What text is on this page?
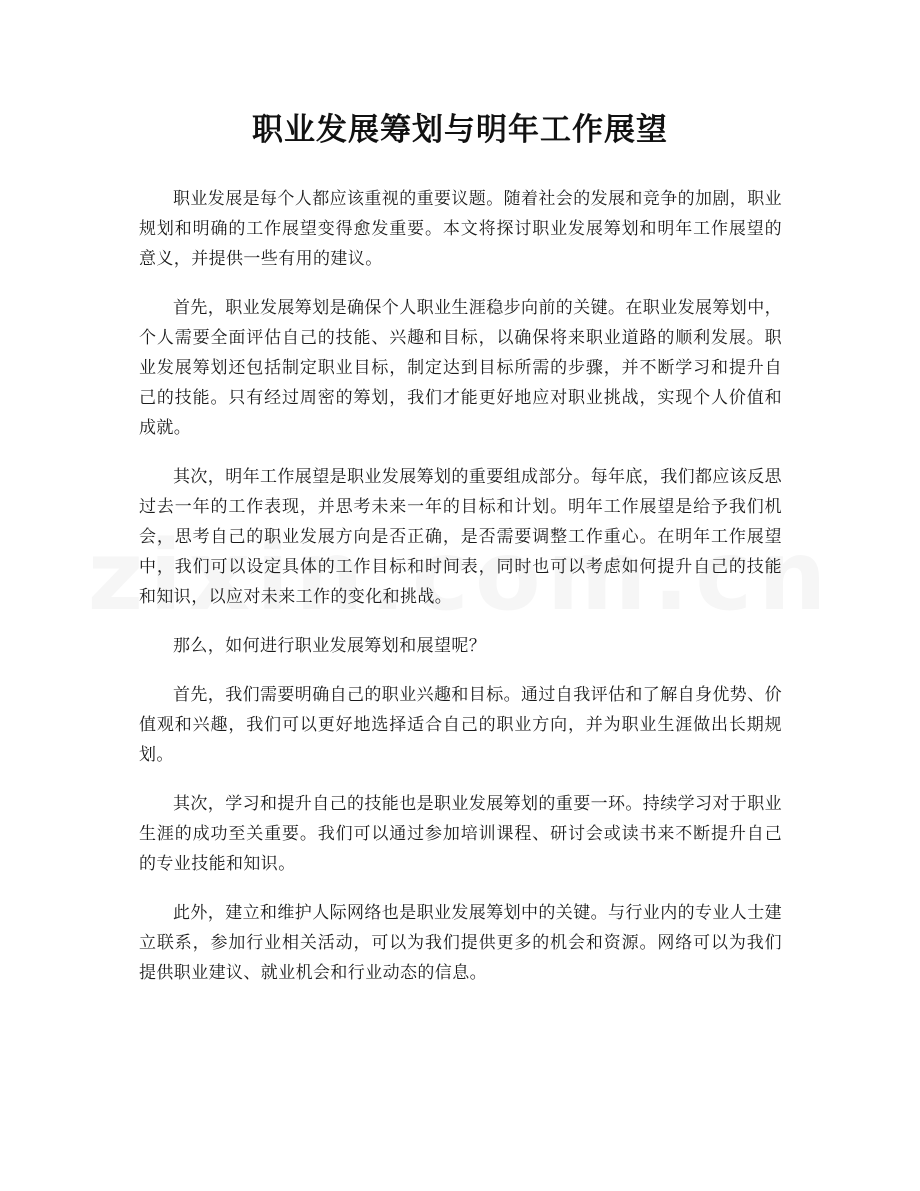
职业发展筹划与明年工作展望

职业发展是每个人都应该重视的重要议题。随着社会的发展和竞争的加剧，职业规划和明确的工作展望变得愈发重要。本文将探讨职业发展筹划和明年工作展望的意义，并提供一些有用的建议。

首先，职业发展筹划是确保个人职业生涯稳步向前的关键。在职业发展筹划中，个人需要全面评估自己的技能、兴趣和目标，以确保将来职业道路的顺利发展。职业发展筹划还包括制定职业目标，制定达到目标所需的步骤，并不断学习和提升自己的技能。只有经过周密的筹划，我们才能更好地应对职业挑战，实现个人价值和成就。

其次，明年工作展望是职业发展筹划的重要组成部分。每年底，我们都应该反思过去一年的工作表现，并思考未来一年的目标和计划。明年工作展望是给予我们机会，思考自己的职业发展方向是否正确，是否需要调整工作重心。在明年工作展望中，我们可以设定具体的工作目标和时间表，同时也可以考虑如何提升自己的技能和知识，以应对未来工作的变化和挑战。

那么，如何进行职业发展筹划和展望呢？

首先，我们需要明确自己的职业兴趣和目标。通过自我评估和了解自身优势、价值观和兴趣，我们可以更好地选择适合自己的职业方向，并为职业生涯做出长期规划。

其次，学习和提升自己的技能也是职业发展筹划的重要一环。持续学习对于职业生涯的成功至关重要。我们可以通过参加培训课程、研讨会或读书来不断提升自己的专业技能和知识。

此外，建立和维护人际网络也是职业发展筹划中的关键。与行业内的专业人士建立联系，参加行业相关活动，可以为我们提供更多的机会和资源。网络可以为我们提供职业建议、就业机会和行业动态的信息。
